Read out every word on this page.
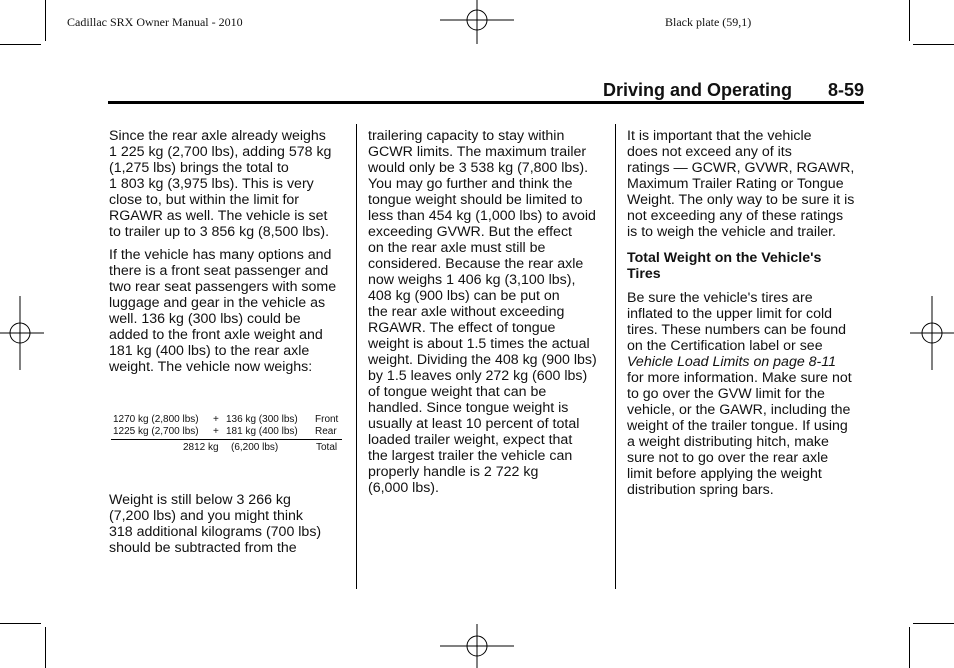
Cadillac SRX Owner Manual - 2010	Black plate (59,1)
Driving and Operating 8-59

Since the rear axle already weighs

1 225 kg (2,700 lbs), adding 578 kg

(1,275 lbs) brings the total to

1 803 kg (3,975 lbs). This is very

close to, but within the limit for

RGAWR as well. The vehicle is set

to trailer up to 3 856 kg (8,500 lbs).

If the vehicle has many options and

there is a front seat passenger and

two rear seat passengers with some

luggage and gear in the vehicle as

well. 136 kg (300 lbs) could be

added to the front axle weight and

181 kg (400 lbs) to the rear axle

weight. The vehicle now weighs:

1270 kg (2,800 lbs) + 136 kg (300 lbs) Front
1225 kg (2,700 lbs) + 181 kg (400 lbs) Rear
2812 kg (6,200 lbs)	Total

Weight is still below 3 266 kg

(7,200 lbs) and you might think

318 additional kilograms (700 lbs)

should be subtracted from the

trailering capacity to stay within

GCWR limits. The maximum trailer

would only be 3 538 kg (7,800 lbs).

You may go further and think the

tongue weight should be limited to

less than 454 kg (1,000 lbs) to avoid

exceeding GVWR. But the effect

on the rear axle must still be

considered. Because the rear axle

now weighs 1 406 kg (3,100 lbs),

408 kg (900 lbs) can be put on

the rear axle without exceeding

RGAWR. The effect of tongue

weight is about 1.5 times the actual

weight. Dividing the 408 kg (900 lbs)

by 1.5 leaves only 272 kg (600 lbs)

of tongue weight that can be

handled. Since tongue weight is

usually at least 10 percent of total

loaded trailer weight, expect that

the largest trailer the vehicle can

properly handle is 2 722 kg

(6,000 lbs).

It is important that the vehicle

does not exceed any of its

ratings — GCWR, GVWR, RGAWR,

Maximum Trailer Rating or Tongue

Weight. The only way to be sure it is

not exceeding any of these ratings

is to weigh the vehicle and trailer.

Total Weight on the Vehicle's

Tires

Be sure the vehicle's tires are

inflated to the upper limit for cold

tires. These numbers can be found

on the Certification label or see

Vehicle Load Limits on page 8-11

for more information. Make sure not

to go over the GVW limit for the

vehicle, or the GAWR, including the

weight of the trailer tongue. If using

a weight distributing hitch, make

sure not to go over the rear axle

limit before applying the weight

distribution spring bars.
